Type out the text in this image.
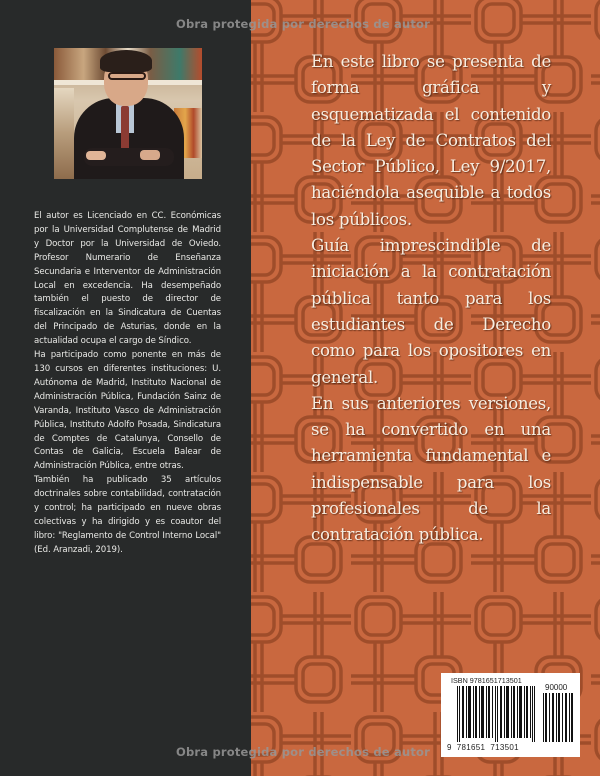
El autor es Licenciado en CC. Económicas por la Universidad Complutense de Madrid y Doctor por la Universidad de Oviedo. Profesor Numerario de Enseñanza Secundaria e Interventor de Administración Local en excedencia. Ha desempeñado también el puesto de director de fiscalización en la Sindicatura de Cuentas del Principado de Asturias, donde en la actualidad ocupa el cargo de Síndico.

Ha participado como ponente en más de 130 cursos en diferentes instituciones: U. Autónoma de Madrid, Instituto Nacional de Administración Pública, Fundación Sainz de Varanda, Instituto Vasco de Administración Pública, Instituto Adolfo Posada, Sindicatura de Comptes de Catalunya, Consello de Contas de Galicia, Escuela Balear de Administración Pública, entre otras.

También ha publicado 35 artículos doctrinales sobre contabilidad, contratación y control; ha participado en nueve obras colectivas y ha dirigido y es coautor del libro: "Reglamento de Control Interno Local" (Ed. Aranzadi, 2019).

En este libro se presenta de forma gráfica y esquematizada el contenido de la Ley de Contratos del Sector Público, Ley 9/2017, haciéndola asequible a todos los públicos.

Guía imprescindible de iniciación a la contratación pública tanto para los estudiantes de Derecho como para los opositores en general.

En sus anteriores versiones, se ha convertido en una herramienta fundamental e indispensable para los profesionales de la contratación pública.

Obra protegida por derechos de autor
Obra protegida por derechos de autor
ISBN 9781651713501
90000
9  781651  713501
